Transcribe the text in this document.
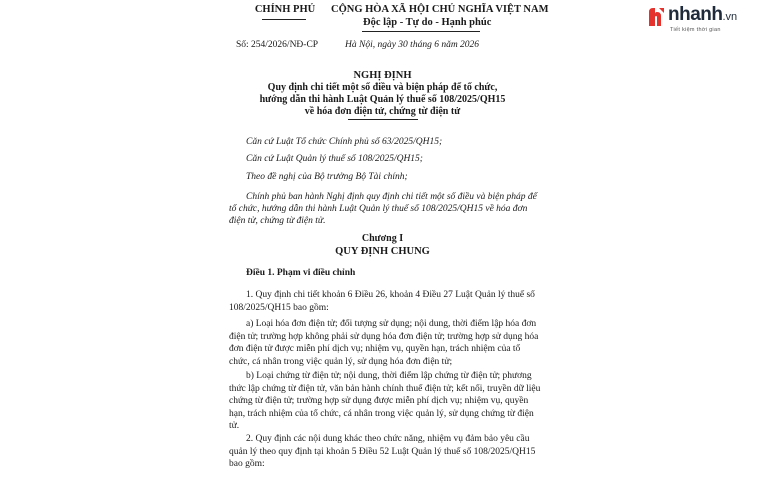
CHÍNH PHỦ	CỘNG HÒA XÃ HỘI CHỦ NGHĨA VIỆT NAM
Độc lập - Tự do - Hạnh phúc
Số: 254/2026/NĐ-CP	Hà Nội, ngày 30 tháng 6 năm 2026
NGHỊ ĐỊNH
Quy định chi tiết một số điều và biện pháp để tổ chức,
hướng dẫn thi hành Luật Quản lý thuế số 108/2025/QH15
về hóa đơn điện tử, chứng từ điện tử
Căn cứ Luật Tổ chức Chính phủ số 63/2025/QH15;
Căn cứ Luật Quản lý thuế số 108/2025/QH15;
Theo đề nghị của Bộ trưởng Bộ Tài chính;
Chính phủ ban hành Nghị định quy định chi tiết một số điều và biện pháp để tổ chức, hướng dẫn thi hành Luật Quản lý thuế số 108/2025/QH15 về hóa đơn điện tử, chứng từ điện tử.
Chương I
QUY ĐỊNH CHUNG
Điều 1. Phạm vi điều chỉnh
1. Quy định chi tiết khoản 6 Điều 26, khoản 4 Điều 27 Luật Quản lý thuế số 108/2025/QH15 bao gồm:
a) Loại hóa đơn điện tử; đối tượng sử dụng; nội dung, thời điểm lập hóa đơn điện tử; trường hợp không phải sử dụng hóa đơn điện tử; trường hợp sử dụng hóa đơn điện tử được miễn phí dịch vụ; nhiệm vụ, quyền hạn, trách nhiệm của tổ chức, cá nhân trong việc quản lý, sử dụng hóa đơn điện tử;
b) Loại chứng từ điện tử; nội dung, thời điểm lập chứng từ điện tử; phương thức lập chứng từ điện tử, văn bản hành chính thuế điện tử; kết nối, truyền dữ liệu chứng từ điện tử; trường hợp sử dụng được miễn phí dịch vụ; nhiệm vụ, quyền hạn, trách nhiệm của tổ chức, cá nhân trong việc quản lý, sử dụng chứng từ điện tử.
2. Quy định các nội dung khác theo chức năng, nhiệm vụ đảm bảo yêu cầu quản lý theo quy định tại khoản 5 Điều 52 Luật Quản lý thuế số 108/2025/QH15 bao gồm:
nhanh.vn
Tiết kiệm thời gian
